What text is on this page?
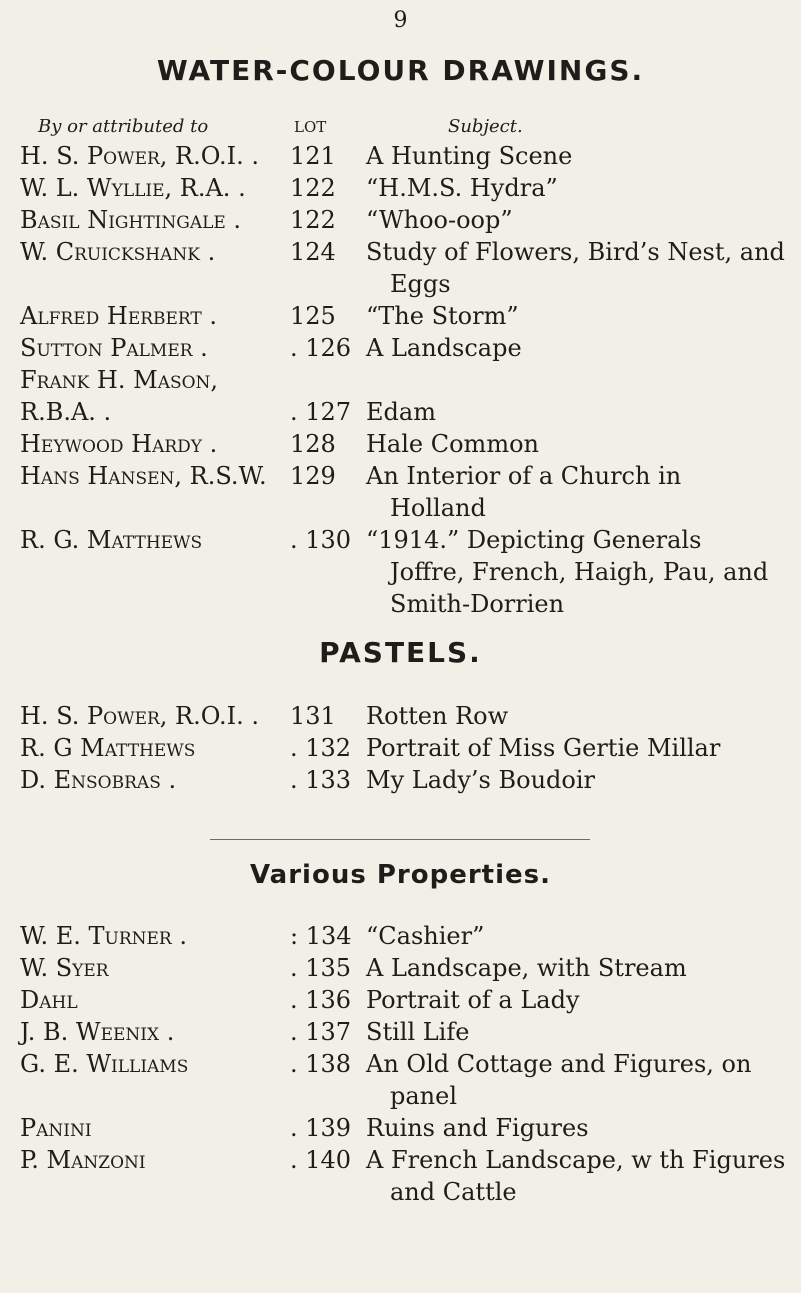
9
WATER-COLOUR DRAWINGS.
By or attributed to	LOT	Subject.
H. S. Power, R.O.I. . 121 A Hunting Scene
W. L. Wyllie, R.A. . 122 “H.M.S. Hydra”
Basil Nightingale . 122 “Whoo-oop”
W. Cruickshank .	124 Study of Flowers, Bird’s Nest, and
Eggs
Alfred Herbert .	125 “The Storm”
Sutton Palmer .	. 126 A Landscape
Frank H. Mason,
R.B.A. .	. 127 Edam
Heywood Hardy .	128 Hale Common
Hans Hansen, R.S.W. 129 An Interior of a Church in
Holland
R. G. Matthews	. 130 “1914.” Depicting Generals
Joffre, French, Haigh, Pau, and Smith-Dorrien
PASTELS.
H. S. Power, R.O.I. . 131 Rotten Row
R. G Matthews	. 132 Portrait of Miss Gertie Millar
D. Ensobras .	. 133 My Lady’s Boudoir
Various Properties.
W. E. Turner .	: 134 “Cashier”
W. Syer	. 135 A Landscape, with Stream
Dahl	. 136 Portrait of a Lady
J. B. Weenix .	. 137 Still Life
G. E. Williams	. 138 An Old Cottage and Figures, on
panel
Panini	. 139 Ruins and Figures
P. Manzoni	. 140 A French Landscape, w th Figures
and Cattle
